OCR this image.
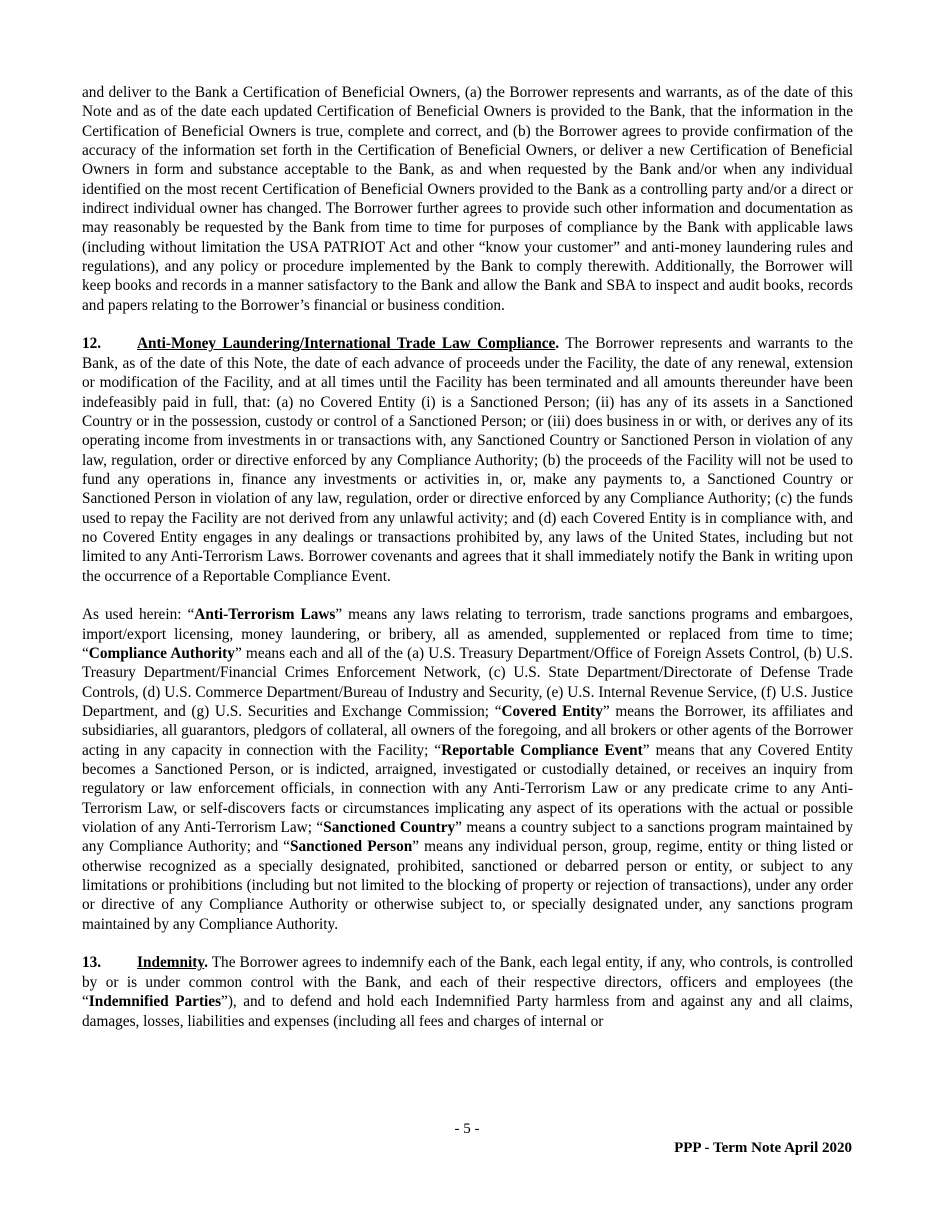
and deliver to the Bank a Certification of Beneficial Owners, (a) the Borrower represents and warrants, as of the date of this Note and as of the date each updated Certification of Beneficial Owners is provided to the Bank, that the information in the Certification of Beneficial Owners is true, complete and correct, and (b) the Borrower agrees to provide confirmation of the accuracy of the information set forth in the Certification of Beneficial Owners, or deliver a new Certification of Beneficial Owners in form and substance acceptable to the Bank, as and when requested by the Bank and/or when any individual identified on the most recent Certification of Beneficial Owners provided to the Bank as a controlling party and/or a direct or indirect individual owner has changed. The Borrower further agrees to provide such other information and documentation as may reasonably be requested by the Bank from time to time for purposes of compliance by the Bank with applicable laws (including without limitation the USA PATRIOT Act and other “know your customer” and anti-money laundering rules and regulations), and any policy or procedure implemented by the Bank to comply therewith. Additionally, the Borrower will keep books and records in a manner satisfactory to the Bank and allow the Bank and SBA to inspect and audit books, records and papers relating to the Borrower’s financial or business condition.

12. Anti-Money Laundering/International Trade Law Compliance. The Borrower represents and warrants to the Bank, as of the date of this Note, the date of each advance of proceeds under the Facility, the date of any renewal, extension or modification of the Facility, and at all times until the Facility has been terminated and all amounts thereunder have been indefeasibly paid in full, that: (a) no Covered Entity (i) is a Sanctioned Person; (ii) has any of its assets in a Sanctioned Country or in the possession, custody or control of a Sanctioned Person; or (iii) does business in or with, or derives any of its operating income from investments in or transactions with, any Sanctioned Country or Sanctioned Person in violation of any law, regulation, order or directive enforced by any Compliance Authority; (b) the proceeds of the Facility will not be used to fund any operations in, finance any investments or activities in, or, make any payments to, a Sanctioned Country or Sanctioned Person in violation of any law, regulation, order or directive enforced by any Compliance Authority; (c) the funds used to repay the Facility are not derived from any unlawful activity; and (d) each Covered Entity is in compliance with, and no Covered Entity engages in any dealings or transactions prohibited by, any laws of the United States, including but not limited to any Anti-Terrorism Laws. Borrower covenants and agrees that it shall immediately notify the Bank in writing upon the occurrence of a Reportable Compliance Event.

As used herein: “Anti-Terrorism Laws” means any laws relating to terrorism, trade sanctions programs and embargoes, import/export licensing, money laundering, or bribery, all as amended, supplemented or replaced from time to time; “Compliance Authority” means each and all of the (a) U.S. Treasury Department/Office of Foreign Assets Control, (b) U.S. Treasury Department/Financial Crimes Enforcement Network, (c) U.S. State Department/Directorate of Defense Trade Controls, (d) U.S. Commerce Department/Bureau of Industry and Security, (e) U.S. Internal Revenue Service, (f) U.S. Justice Department, and (g) U.S. Securities and Exchange Commission; “Covered Entity” means the Borrower, its affiliates and subsidiaries, all guarantors, pledgors of collateral, all owners of the foregoing, and all brokers or other agents of the Borrower acting in any capacity in connection with the Facility; “Reportable Compliance Event” means that any Covered Entity becomes a Sanctioned Person, or is indicted, arraigned, investigated or custodially detained, or receives an inquiry from regulatory or law enforcement officials, in connection with any Anti-Terrorism Law or any predicate crime to any Anti-Terrorism Law, or self-discovers facts or circumstances implicating any aspect of its operations with the actual or possible violation of any Anti-Terrorism Law; “Sanctioned Country” means a country subject to a sanctions program maintained by any Compliance Authority; and “Sanctioned Person” means any individual person, group, regime, entity or thing listed or otherwise recognized as a specially designated, prohibited, sanctioned or debarred person or entity, or subject to any limitations or prohibitions (including but not limited to the blocking of property or rejection of transactions), under any order or directive of any Compliance Authority or otherwise subject to, or specially designated under, any sanctions program maintained by any Compliance Authority.

13. Indemnity. The Borrower agrees to indemnify each of the Bank, each legal entity, if any, who controls, is controlled by or is under common control with the Bank, and each of their respective directors, officers and employees (the “Indemnified Parties”), and to defend and hold each Indemnified Party harmless from and against any and all claims, damages, losses, liabilities and expenses (including all fees and charges of internal or

- 5 -
PPP - Term Note April 2020
